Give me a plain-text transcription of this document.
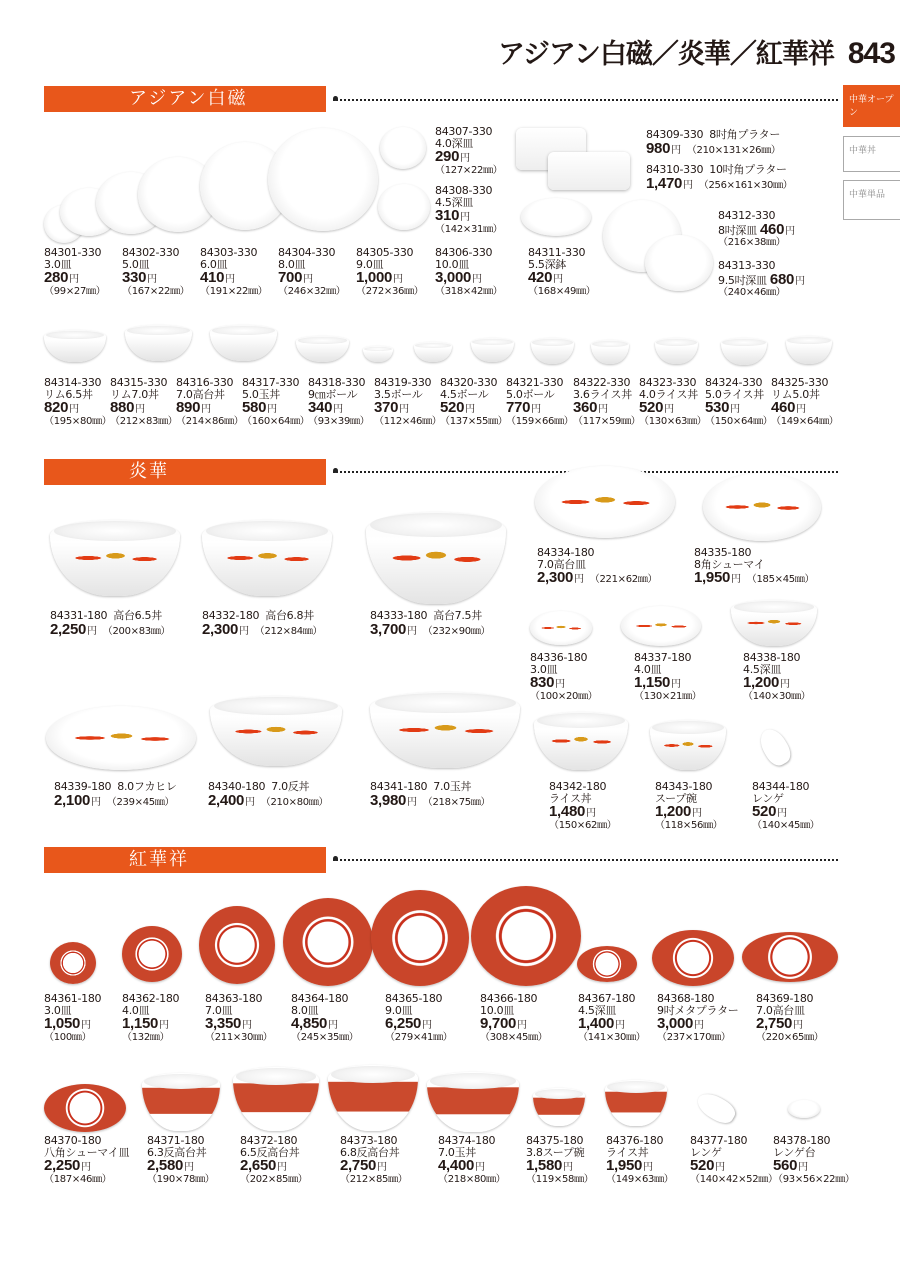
アジアン白磁／炎華／紅華祥 843
中華オープン
中華丼
中華単品
アジアン白磁
炎華
紅華祥
84301-330
3.0皿
280円
（99×27㎜）
84302-330
5.0皿
330円
（167×22㎜）
84303-330
6.0皿
410円
（191×22㎜）
84304-330
8.0皿
700円
（246×32㎜）
84305-330
9.0皿
1,000円
（272×36㎜）
84306-330
10.0皿
3,000円
（318×42㎜）
84307-330
4.0深皿
290円
（127×22㎜）
84308-330
4.5深皿
310円
（142×31㎜）
84309-330 8吋角プラター
980円 （210×131×26㎜）
84310-330 10吋角プラター
1,470円 （256×161×30㎜）
84311-330
5.5深鉢
420円
（168×49㎜）
84312-330
8吋深皿 460円
（216×38㎜）
84313-330
9.5吋深皿 680円
（240×46㎜）
84314-330
リム6.5丼
820円
（195×80㎜）
84315-330
リム7.0丼
880円
（212×83㎜）
84316-330
7.0高台丼
890円
（214×86㎜）
84317-330
5.0玉丼
580円
（160×64㎜）
84318-330
9㎝ボール
340円
（93×39㎜）
84319-330
3.5ボール
370円
（112×46㎜）
84320-330
4.5ボール
520円
（137×55㎜）
84321-330
5.0ボール
770円
（159×66㎜）
84322-330
3.6ライス丼
360円
（117×59㎜）
84323-330
4.0ライス丼
520円
（130×63㎜）
84324-330
5.0ライス丼
530円
（150×64㎜）
84325-330
リム5.0丼
460円
（149×64㎜）
84331-180 高台6.5丼
2,250円 （200×83㎜）
84332-180 高台6.8丼
2,300円 （212×84㎜）
84333-180 高台7.5丼
3,700円 （232×90㎜）
84334-180
7.0高台皿
2,300円 （221×62㎜）
84335-180
8角シューマイ
1,950円 （185×45㎜）
84336-180
3.0皿
830円
（100×20㎜）
84337-180
4.0皿
1,150円
（130×21㎜）
84338-180
4.5深皿
1,200円
（140×30㎜）
84339-180 8.0フカヒレ
2,100円 （239×45㎜）
84340-180 7.0反丼
2,400円 （210×80㎜）
84341-180 7.0玉丼
3,980円 （218×75㎜）
84342-180
ライス丼
1,480円
（150×62㎜）
84343-180
スープ碗
1,200円
（118×56㎜）
84344-180
レンゲ
520円
（140×45㎜）
84361-180
3.0皿
1,050円
（100㎜）
84362-180
4.0皿
1,150円
（132㎜）
84363-180
7.0皿
3,350円
（211×30㎜）
84364-180
8.0皿
4,850円
（245×35㎜）
84365-180
9.0皿
6,250円
（279×41㎜）
84366-180
10.0皿
9,700円
（308×45㎜）
84367-180
4.5深皿
1,400円
（141×30㎜）
84368-180
9吋メタプラター
3,000円
（237×170㎜）
84369-180
7.0高台皿
2,750円
（220×65㎜）
84370-180
八角シューマイ皿
2,250円
（187×46㎜）
84371-180
6.3反高台丼
2,580円
（190×78㎜）
84372-180
6.5反高台丼
2,650円
（202×85㎜）
84373-180
6.8反高台丼
2,750円
（212×85㎜）
84374-180
7.0玉丼
4,400円
（218×80㎜）
84375-180
3.8スープ碗
1,580円
（119×58㎜）
84376-180
ライス丼
1,950円
（149×63㎜）
84377-180
レンゲ
520円
（140×42×52㎜）
84378-180
レンゲ台
560円
（93×56×22㎜）
